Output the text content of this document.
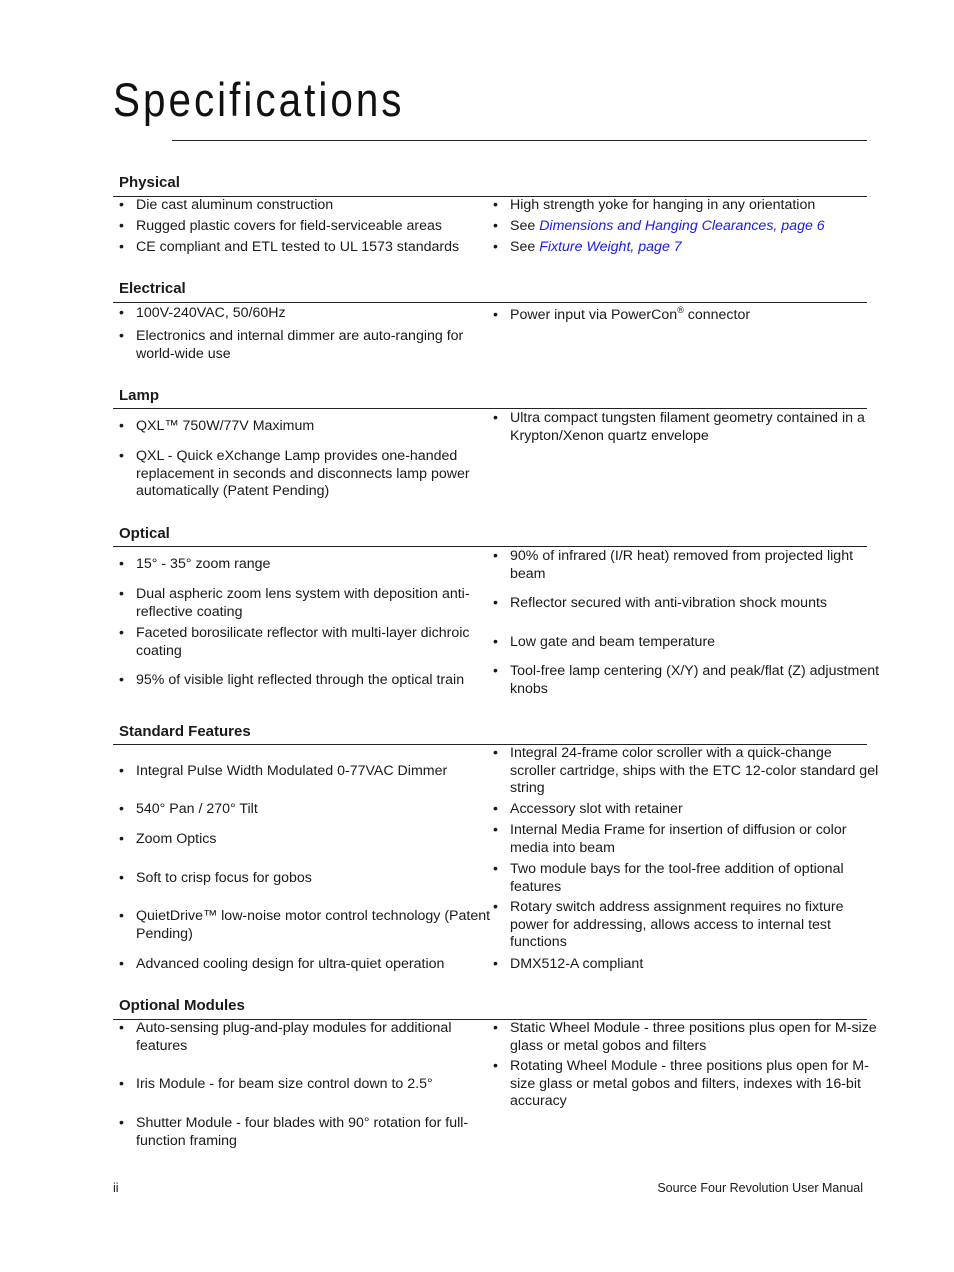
Specifications
Physical
• Die cast aluminum construction
• Rugged plastic covers for field-serviceable areas
• CE compliant and ETL tested to UL 1573 standards
• High strength yoke for hanging in any orientation
• See Dimensions and Hanging Clearances, page 6
• See Fixture Weight, page 7
Electrical
• 100V-240VAC, 50/60Hz
• Electronics and internal dimmer are auto-ranging for world-wide use
• Power input via PowerCon® connector
Lamp
• QXL™ 750W/77V Maximum
• QXL - Quick eXchange Lamp provides one-handed replacement in seconds and disconnects lamp power automatically (Patent Pending)
• Ultra compact tungsten filament geometry contained in a Krypton/Xenon quartz envelope
Optical
• 15° - 35° zoom range
• Dual aspheric zoom lens system with deposition anti-reflective coating
• Faceted borosilicate reflector with multi-layer dichroic coating
• 95% of visible light reflected through the optical train
• 90% of infrared (I/R heat) removed from projected light beam
• Reflector secured with anti-vibration shock mounts
• Low gate and beam temperature
• Tool-free lamp centering (X/Y) and peak/flat (Z) adjustment knobs
Standard Features
• Integral Pulse Width Modulated 0-77VAC Dimmer
• 540° Pan / 270° Tilt
• Zoom Optics
• Soft to crisp focus for gobos
• QuietDrive™ low-noise motor control technology (Patent Pending)
• Advanced cooling design for ultra-quiet operation
• Integral 24-frame color scroller with a quick-change scroller cartridge, ships with the ETC 12-color standard gel string
• Accessory slot with retainer
• Internal Media Frame for insertion of diffusion or color media into beam
• Two module bays for the tool-free addition of optional features
• Rotary switch address assignment requires no fixture power for addressing, allows access to internal test functions
• DMX512-A compliant
Optional Modules
• Auto-sensing plug-and-play modules for additional features
• Iris Module - for beam size control down to 2.5°
• Shutter Module - four blades with 90° rotation for full-function framing
• Static Wheel Module - three positions plus open for M-size glass or metal gobos and filters
• Rotating Wheel Module - three positions plus open for M-size glass or metal gobos and filters, indexes with 16-bit accuracy
ii	Source Four Revolution User Manual
